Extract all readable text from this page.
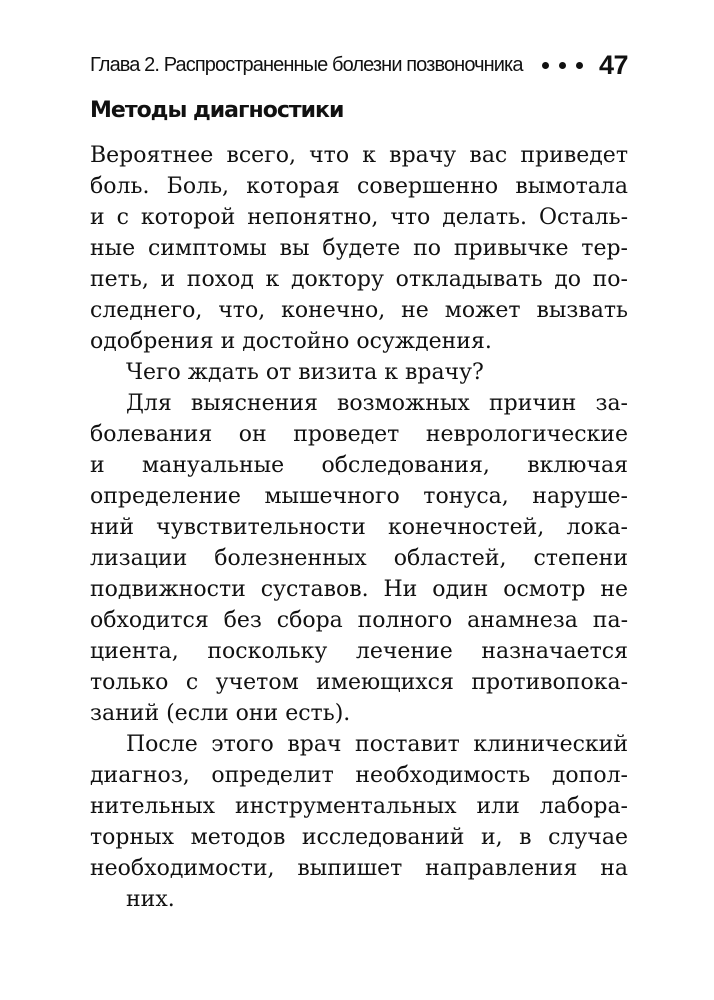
Глава 2. Распространенные болезни позвоночника	47
Методы диагностики
Вероятнее всего, что к врачу вас приведет
боль. Боль, которая совершенно вымотала
и с которой непонятно, что делать. Осталь-
ные симптомы вы будете по привычке тер-
петь, и поход к доктору откладывать до по-
следнего, что, конечно, не может вызвать
одобрения и достойно осуждения.
Чего ждать от визита к врачу?
Для выяснения возможных причин за-
болевания он проведет неврологические
и мануальные обследования, включая
определение мышечного тонуса, наруше-
ний чувствительности конечностей, лока-
лизации болезненных областей, степени
подвижности суставов. Ни один осмотр не
обходится без сбора полного анамнеза па-
циента, поскольку лечение назначается
только с учетом имеющихся противопока-
заний (если они есть).
После этого врач поставит клинический
диагноз, определит необходимость допол-
нительных инструментальных или лабора-
торных методов исследований и, в случае
необходимости, выпишет направления на
них.
